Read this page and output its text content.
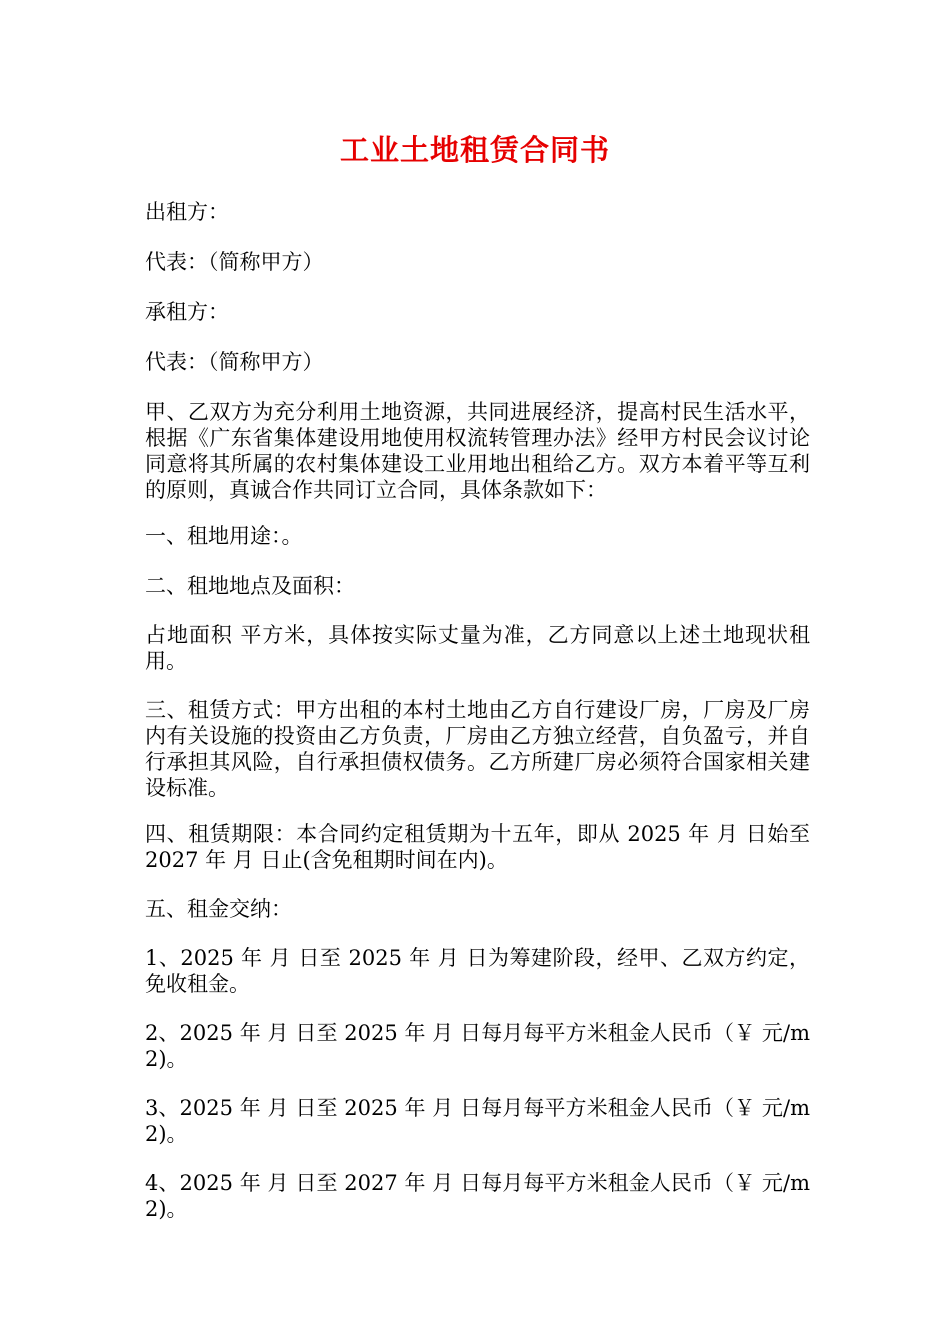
工业土地租赁合同书
出租方：
代表：（简称甲方）
承租方：
代表：（简称甲方）
甲、乙双方为充分利用土地资源，共同进展经济，提高村民生活水平，根据《广东省集体建设用地使用权流转管理办法》经甲方村民会议讨论同意将其所属的农村集体建设工业用地出租给乙方。双方本着平等互利的原则，真诚合作共同订立合同，具体条款如下：
一、租地用途：。
二、租地地点及面积：
占地面积 平方米，具体按实际丈量为准，乙方同意以上述土地现状租用。
三、租赁方式：甲方出租的本村土地由乙方自行建设厂房，厂房及厂房内有关设施的投资由乙方负责，厂房由乙方独立经营，自负盈亏，并自行承担其风险，自行承担债权债务。乙方所建厂房必须符合国家相关建设标准。
四、租赁期限：本合同约定租赁期为十五年，即从 2025 年 月 日始至 2027 年 月 日止(含免租期时间在内)。
五、租金交纳：
1、2025 年 月 日至 2025 年 月 日为筹建阶段，经甲、乙双方约定，免收租金。
2、2025 年 月 日至 2025 年 月 日每月每平方米租金人民币（￥ 元/m2)。
3、2025 年 月 日至 2025 年 月 日每月每平方米租金人民币（￥ 元/m2)。
4、2025 年 月 日至 2027 年 月 日每月每平方米租金人民币（￥ 元/m2)。
